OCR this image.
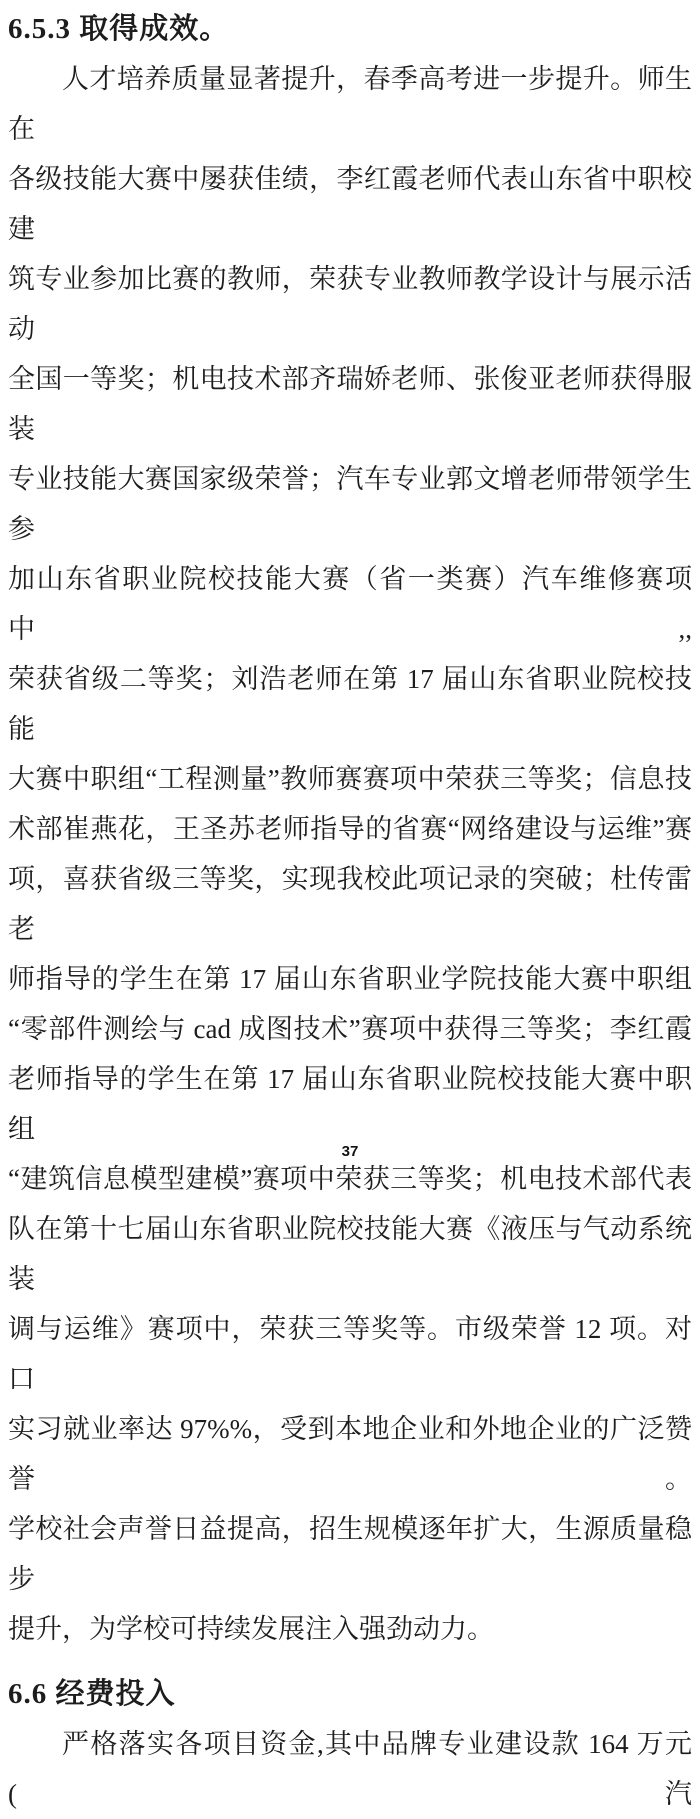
6.5.3 取得成效。
人才培养质量显著提升，春季高考进一步提升。师生在
各级技能大赛中屡获佳绩，李红霞老师代表山东省中职校建
筑专业参加比赛的教师，荣获专业教师教学设计与展示活动
全国一等奖；机电技术部齐瑞娇老师、张俊亚老师获得服装
专业技能大赛国家级荣誉；汽车专业郭文增老师带领学生参
加山东省职业院校技能大赛（省一类赛）汽车维修赛项中,,
荣获省级二等奖；刘浩老师在第 17 届山东省职业院校技能
大赛中职组“工程测量”教师赛赛项中荣获三等奖；信息技
术部崔燕花，王圣苏老师指导的省赛“网络建设与运维”赛
项，喜获省级三等奖，实现我校此项记录的突破；杜传雷老
师指导的学生在第 17 届山东省职业学院技能大赛中职组
“零部件测绘与 cad 成图技术”赛项中获得三等奖；李红霞
老师指导的学生在第 17 届山东省职业院校技能大赛中职组
“建筑信息模型建模”赛项中荣获三等奖；机电技术部代表
队在第十七届山东省职业院校技能大赛《液压与气动系统装
调与运维》赛项中，荣获三等奖等。市级荣誉 12 项。对口
实习就业率达 97%%，受到本地企业和外地企业的广泛赞誉。
学校社会声誉日益提高，招生规模逐年扩大，生源质量稳步
提升，为学校可持续发展注入强劲动力。
6.6 经费投入
严格落实各项目资金,其中品牌专业建设款 164 万元(汽
37
